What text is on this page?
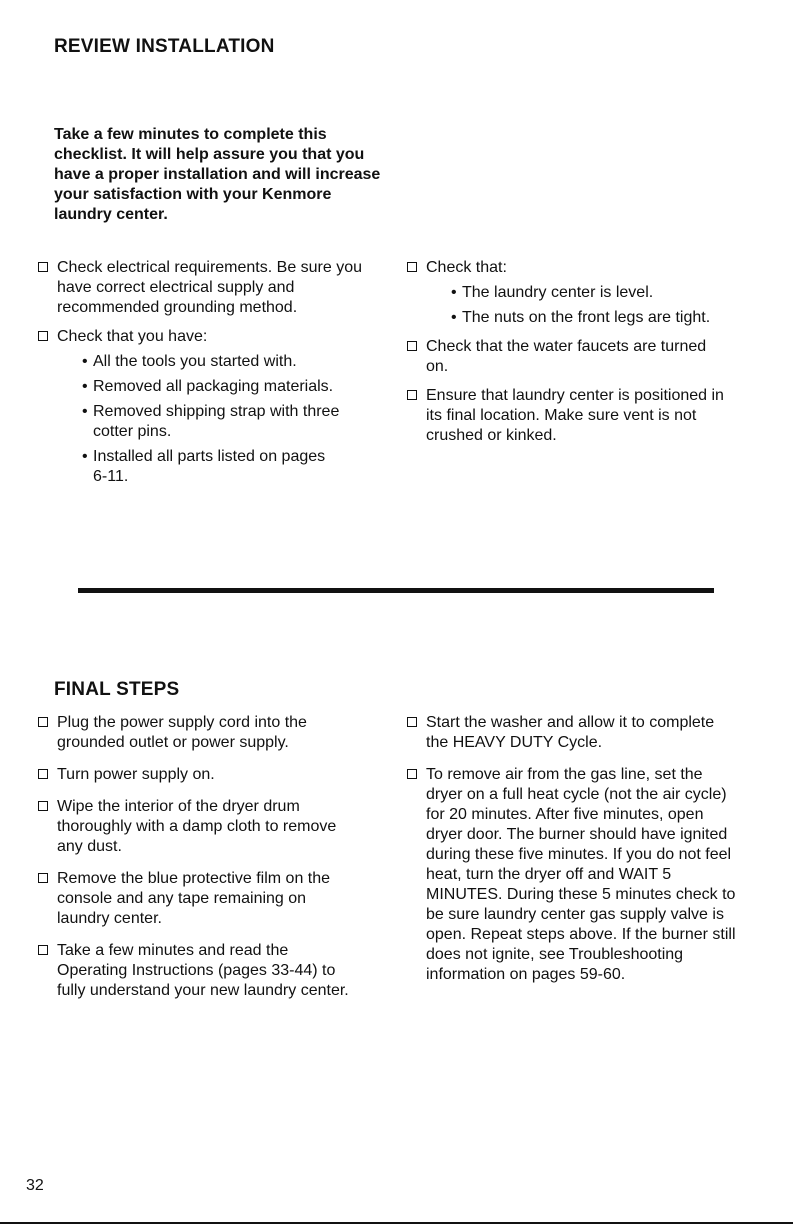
REVIEW INSTALLATION
Take a few minutes to complete this checklist. It will help assure you that you have a proper installation and will increase your satisfaction with your Kenmore laundry center.
Check electrical requirements. Be sure you have correct electrical supply and recommended grounding method.
Check that you have:
• All the tools you started with.
• Removed all packaging materials.
• Removed shipping strap with three cotter pins.
• Installed all parts listed on pages 6-11.
Check that:
• The laundry center is level.
• The nuts on the front legs are tight.
Check that the water faucets are turned on.
Ensure that laundry center is positioned in its final location. Make sure vent is not crushed or kinked.
FINAL STEPS
Plug the power supply cord into the grounded outlet or power supply.
Turn power supply on.
Wipe the interior of the dryer drum thoroughly with a damp cloth to remove any dust.
Remove the blue protective film on the console and any tape remaining on laundry center.
Take a few minutes and read the Operating Instructions (pages 33-44) to fully understand your new laundry center.
Start the washer and allow it to complete the HEAVY DUTY Cycle.
To remove air from the gas line, set the dryer on a full heat cycle (not the air cycle) for 20 minutes. After five minutes, open dryer door. The burner should have ignited during these five minutes. If you do not feel heat, turn the dryer off and WAIT 5 MINUTES. During these 5 minutes check to be sure laundry center gas supply valve is open. Repeat steps above. If the burner still does not ignite, see Troubleshooting information on pages 59-60.
32
